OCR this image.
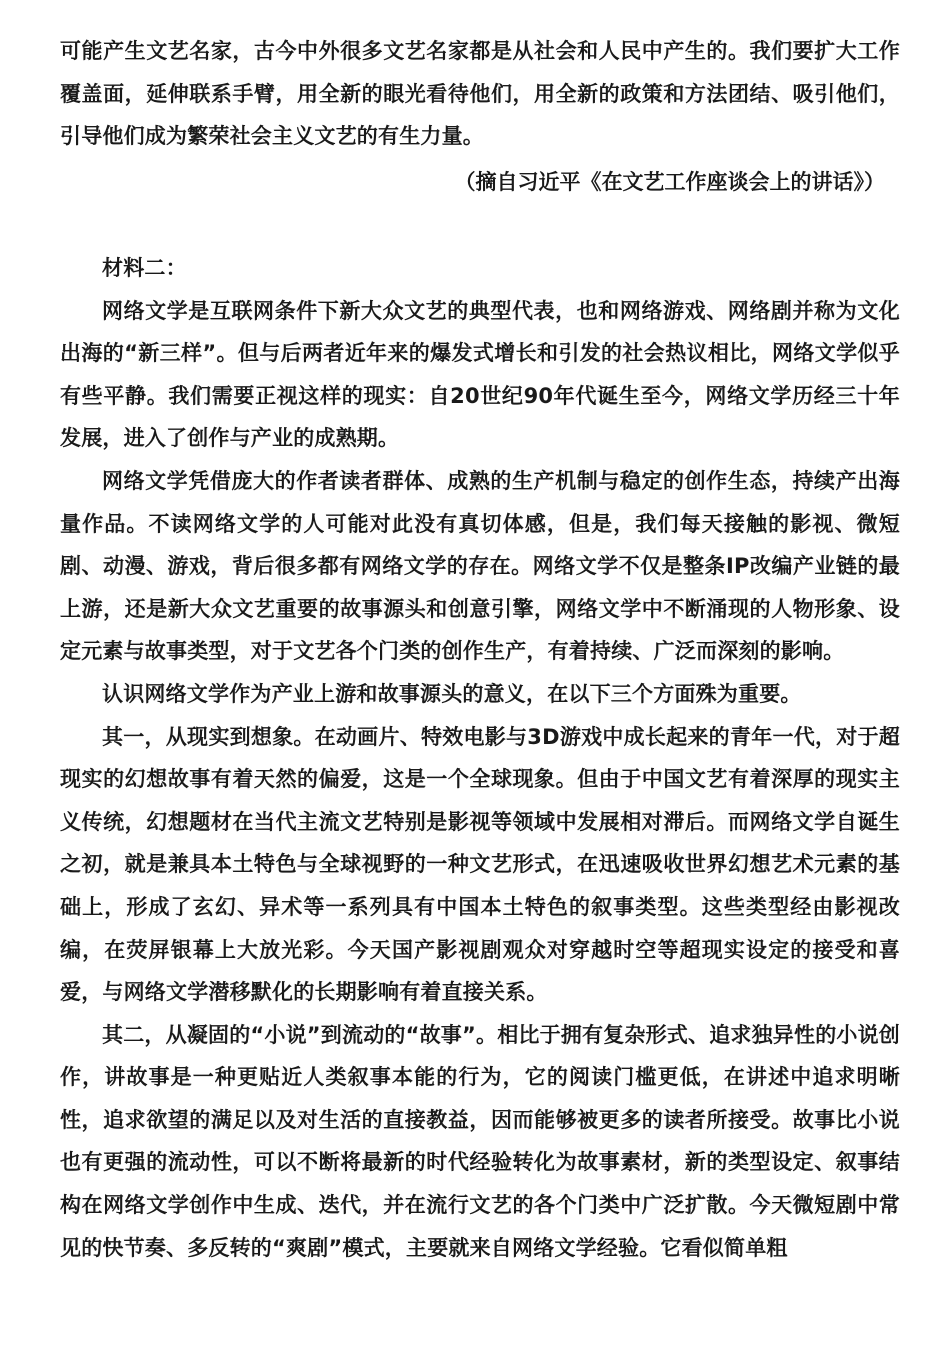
可能产生文艺名家，古今中外很多文艺名家都是从社会和人民中产生的。我们要扩大工作覆盖面，延伸联系手臂，用全新的眼光看待他们，用全新的政策和方法团结、吸引他们，引导他们成为繁荣社会主义文艺的有生力量。

（摘自习近平《在文艺工作座谈会上的讲话》）

材料二：

网络文学是互联网条件下新大众文艺的典型代表，也和网络游戏、网络剧并称为文化出海的“新三样”。但与后两者近年来的爆发式增长和引发的社会热议相比，网络文学似乎有些平静。我们需要正视这样的现实：自20世纪90年代诞生至今，网络文学历经三十年发展，进入了创作与产业的成熟期。

网络文学凭借庞大的作者读者群体、成熟的生产机制与稳定的创作生态，持续产出海量作品。不读网络文学的人可能对此没有真切体感，但是，我们每天接触的影视、微短剧、动漫、游戏，背后很多都有网络文学的存在。网络文学不仅是整条IP改编产业链的最上游，还是新大众文艺重要的故事源头和创意引擎，网络文学中不断涌现的人物形象、设定元素与故事类型，对于文艺各个门类的创作生产，有着持续、广泛而深刻的影响。

认识网络文学作为产业上游和故事源头的意义，在以下三个方面殊为重要。

其一，从现实到想象。在动画片、特效电影与3D游戏中成长起来的青年一代，对于超现实的幻想故事有着天然的偏爱，这是一个全球现象。但由于中国文艺有着深厚的现实主义传统，幻想题材在当代主流文艺特别是影视等领域中发展相对滞后。而网络文学自诞生之初，就是兼具本土特色与全球视野的一种文艺形式，在迅速吸收世界幻想艺术元素的基础上，形成了玄幻、异术等一系列具有中国本土特色的叙事类型。这些类型经由影视改编，在荧屏银幕上大放光彩。今天国产影视剧观众对穿越时空等超现实设定的接受和喜爱，与网络文学潜移默化的长期影响有着直接关系。

其二，从凝固的“小说”到流动的“故事”。相比于拥有复杂形式、追求独异性的小说创作，讲故事是一种更贴近人类叙事本能的行为，它的阅读门槛更低，在讲述中追求明晰性，追求欲望的满足以及对生活的直接教益，因而能够被更多的读者所接受。故事比小说也有更强的流动性，可以不断将最新的时代经验转化为故事素材，新的类型设定、叙事结构在网络文学创作中生成、迭代，并在流行文艺的各个门类中广泛扩散。今天微短剧中常见的快节奏、多反转的“爽剧”模式，主要就来自网络文学经验。它看似简单粗
